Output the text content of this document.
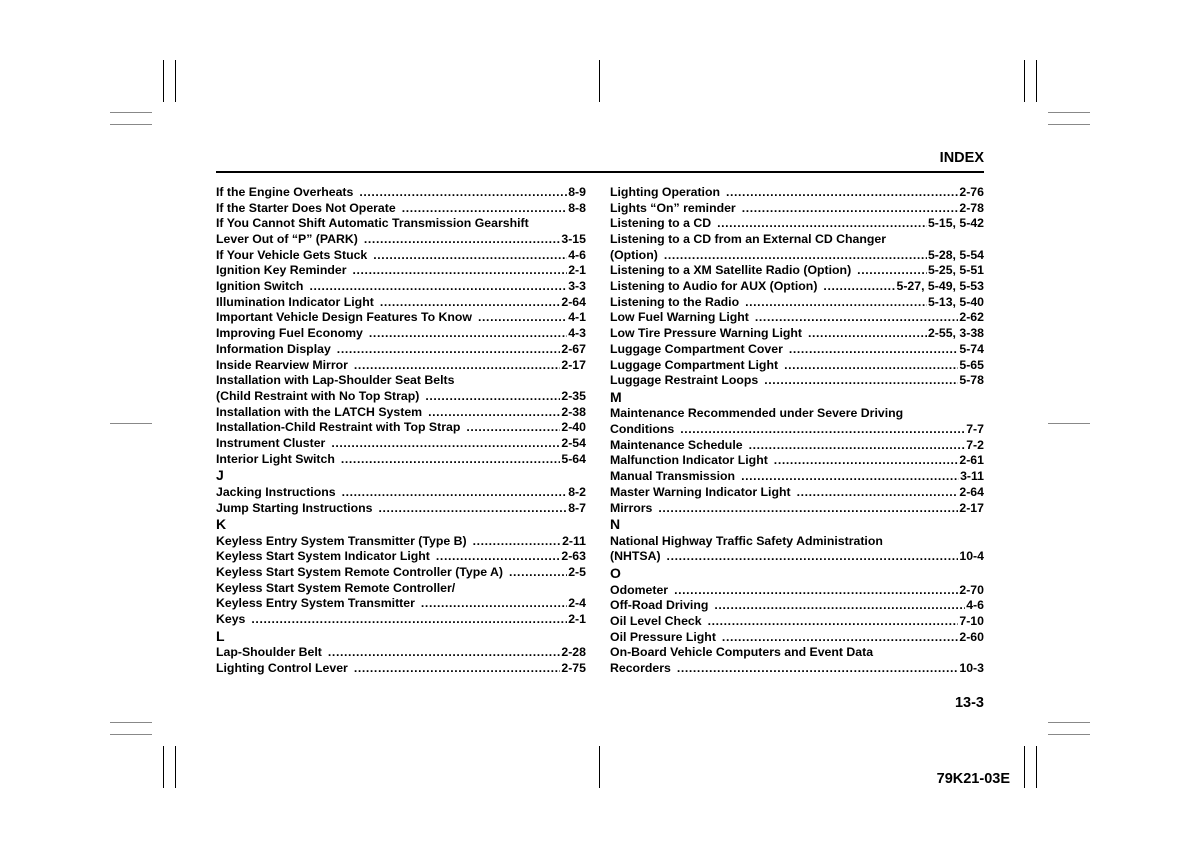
INDEX
If the Engine Overheats .....	8-9
If the Starter Does Not Operate .....	8-8
If You Cannot Shift Automatic Transmission Gearshift
Lever Out of “P” (PARK) .....	3-15
If Your Vehicle Gets Stuck .....	4-6
Ignition Key Reminder .....	2-1
Ignition Switch .....	3-3
Illumination Indicator Light .....	2-64
Important Vehicle Design Features To Know .....	4-1
Improving Fuel Economy .....	4-3
Information Display .....	2-67
Inside Rearview Mirror .....	2-17
Installation with Lap-Shoulder Seat Belts
(Child Restraint with No Top Strap) .....	2-35
Installation with the LATCH System .....	2-38
Installation-Child Restraint with Top Strap .....	2-40
Instrument Cluster .....	2-54
Interior Light Switch .....	5-64
J
Jacking Instructions .....	8-2
Jump Starting Instructions .....	8-7
K
Keyless Entry System Transmitter (Type B) .....	2-11
Keyless Start System Indicator Light .....	2-63
Keyless Start System Remote Controller (Type A) .....	2-5
Keyless Start System Remote Controller/
Keyless Entry System Transmitter .....	2-4
Keys .....	2-1
L
Lap-Shoulder Belt .....	2-28
Lighting Control Lever .....	2-75
Lighting Operation .....	2-76
Lights “On” reminder .....	2-78
Listening to a CD .....	5-15, 5-42
Listening to a CD from an External CD Changer
(Option) .....	5-28, 5-54
Listening to a XM Satellite Radio (Option) .....	5-25, 5-51
Listening to Audio for AUX (Option) .....	5-27, 5-49, 5-53
Listening to the Radio .....	5-13, 5-40
Low Fuel Warning Light .....	2-62
Low Tire Pressure Warning Light .....	2-55, 3-38
Luggage Compartment Cover .....	5-74
Luggage Compartment Light .....	5-65
Luggage Restraint Loops .....	5-78
M
Maintenance Recommended under Severe Driving
Conditions .....	7-7
Maintenance Schedule .....	7-2
Malfunction Indicator Light .....	2-61
Manual Transmission .....	3-11
Master Warning Indicator Light .....	2-64
Mirrors .....	2-17
N
National Highway Traffic Safety Administration
(NHTSA) .....	10-4
O
Odometer .....	2-70
Off-Road Driving .....	4-6
Oil Level Check .....	7-10
Oil Pressure Light .....	2-60
On-Board Vehicle Computers and Event Data
Recorders .....	10-3
13-3
79K21-03E
